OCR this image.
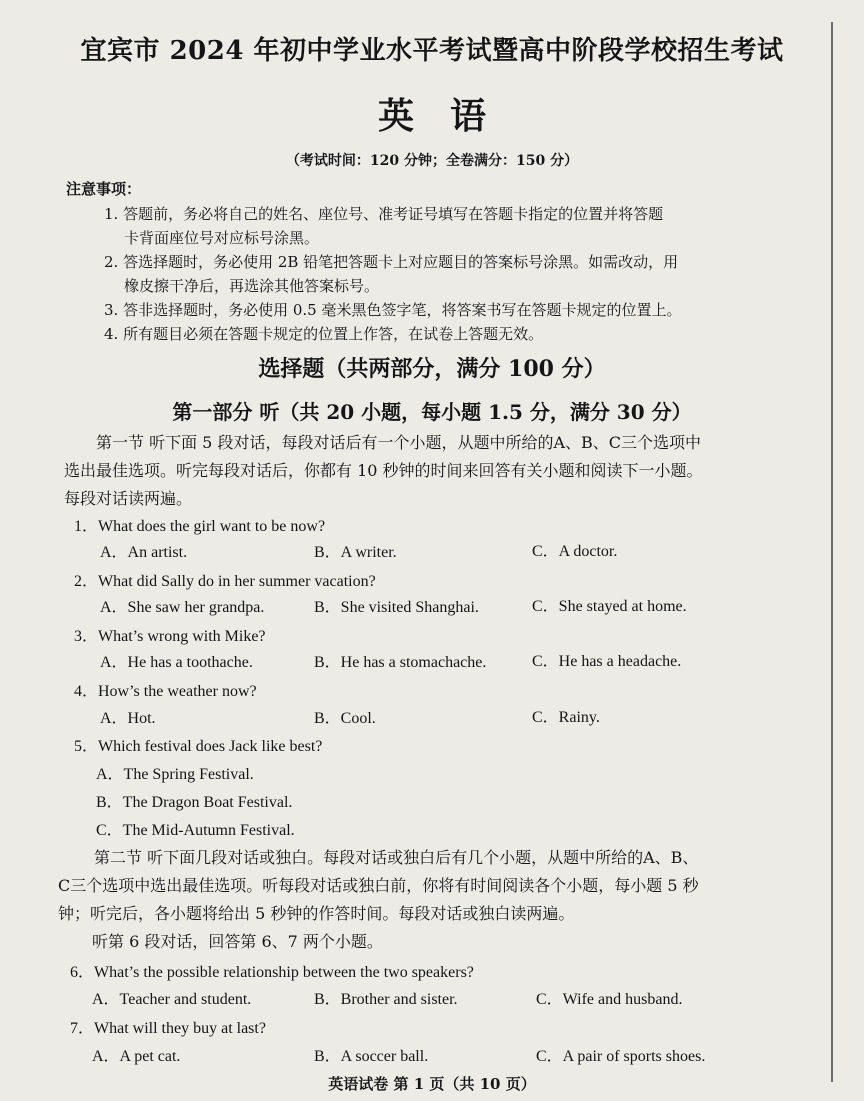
宜宾市 2024 年初中学业水平考试暨高中阶段学校招生考试
英语
（考试时间：120 分钟；全卷满分：150 分）
注意事项：
1. 答题前，务必将自己的姓名、座位号、准考证号填写在答题卡指定的位置并将答题
卡背面座位号对应标号涂黑。
2. 答选择题时，务必使用 2B 铅笔把答题卡上对应题目的答案标号涂黑。如需改动，用
橡皮擦干净后，再选涂其他答案标号。
3. 答非选择题时，务必使用 0.5 毫米黑色签字笔，将答案书写在答题卡规定的位置上。
4. 所有题目必须在答题卡规定的位置上作答，在试卷上答题无效。
选择题（共两部分，满分 100 分）
第一部分 听（共 20 小题，每小题 1.5 分，满分 30 分）
第一节 听下面 5 段对话，每段对话后有一个小题，从题中所给的A、B、C三个选项中
选出最佳选项。听完每段对话后，你都有 10 秒钟的时间来回答有关小题和阅读下一小题。
每段对话读两遍。
1．What does the girl want to be now?
A．An artist.	B．A writer.	C．A doctor.
2．What did Sally do in her summer vacation?
A．She saw her grandpa.	B．She visited Shanghai.	C．She stayed at home.
3．What’s wrong with Mike?
A．He has a toothache.	B．He has a stomachache.	C．He has a headache.
4．How’s the weather now?
A．Hot.	B．Cool.	C．Rainy.
5．Which festival does Jack like best?
A．The Spring Festival.
B．The Dragon Boat Festival.
C．The Mid-Autumn Festival.
第二节 听下面几段对话或独白。每段对话或独白后有几个小题，从题中所给的A、B、
C三个选项中选出最佳选项。听每段对话或独白前，你将有时间阅读各个小题，每小题 5 秒
钟；听完后，各小题将给出 5 秒钟的作答时间。每段对话或独白读两遍。
听第 6 段对话，回答第 6、7 两个小题。
6．What’s the possible relationship between the two speakers?
A．Teacher and student.	B．Brother and sister.	C．Wife and husband.
7．What will they buy at last?
A．A pet cat.	B．A soccer ball.	C．A pair of sports shoes.
英语试卷 第 1 页（共 10 页）
